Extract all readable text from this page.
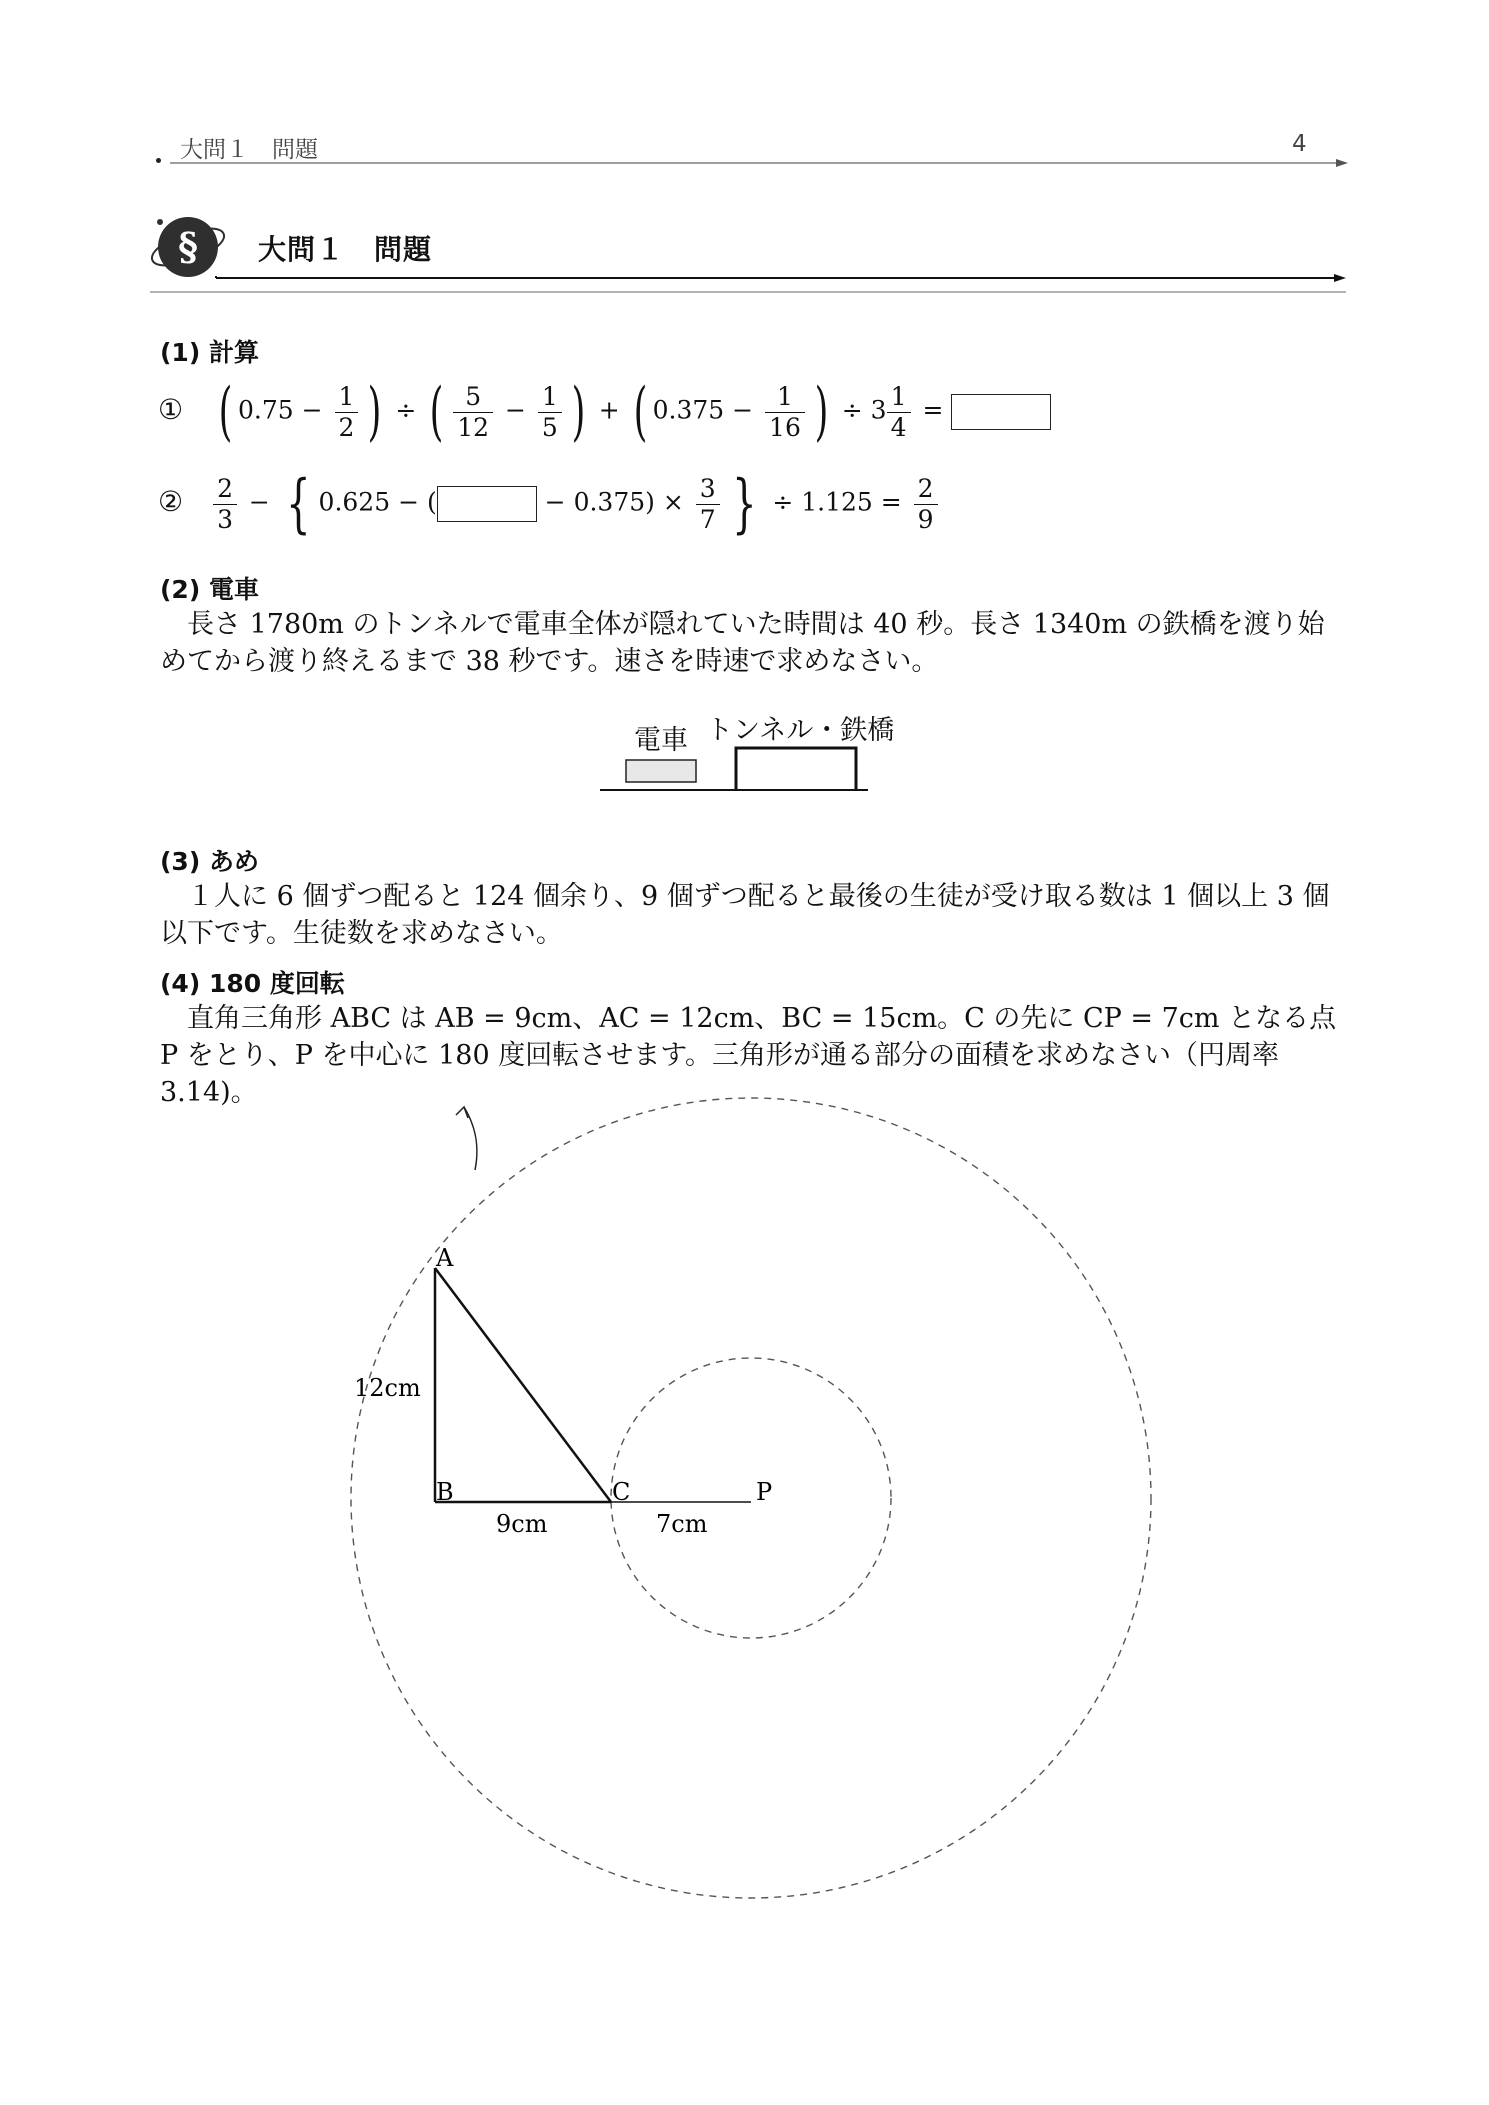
大問１　問題	4
§ 大問１　問題
(1) 計算
① ( $0.75 - \frac{1}{2}$ ) ÷ ( $\frac{5}{12} - \frac{1}{5}$ ) + ( $0.375 - \frac{1}{16}$ ) ÷ $3 \frac{1}{4}$ =
② $\frac{2}{3}$ − { 0.625 − (	− $0.375) \times \frac{3}{7}$ } ÷ $1.125 = \frac{2}{9}$
(2) 電車

長さ 1780m のトンネルで電車全体が隠れていた時間は 40 秒。長さ 1340m の鉄橋を渡り始めてから渡り終えるまで 38 秒です。速さを時速で求めなさい。

電車 トンネル・鉄橋
(3) あめ

１人に 6 個ずつ配ると 124 個余り、9 個ずつ配ると最後の生徒が受け取る数は 1 個以上 3 個以下です。生徒数を求めなさい。

(4) 180 度回転

直角三角形 ABC は AB = 9cm、AC = 12cm、BC = 15cm。C の先に CP = 7cm となる点 P をとり、P を中心に 180 度回転させます。三角形が通る部分の面積を求めなさい（円周率 3.14)。

A
B	C	P
12cm
9cm	7cm
